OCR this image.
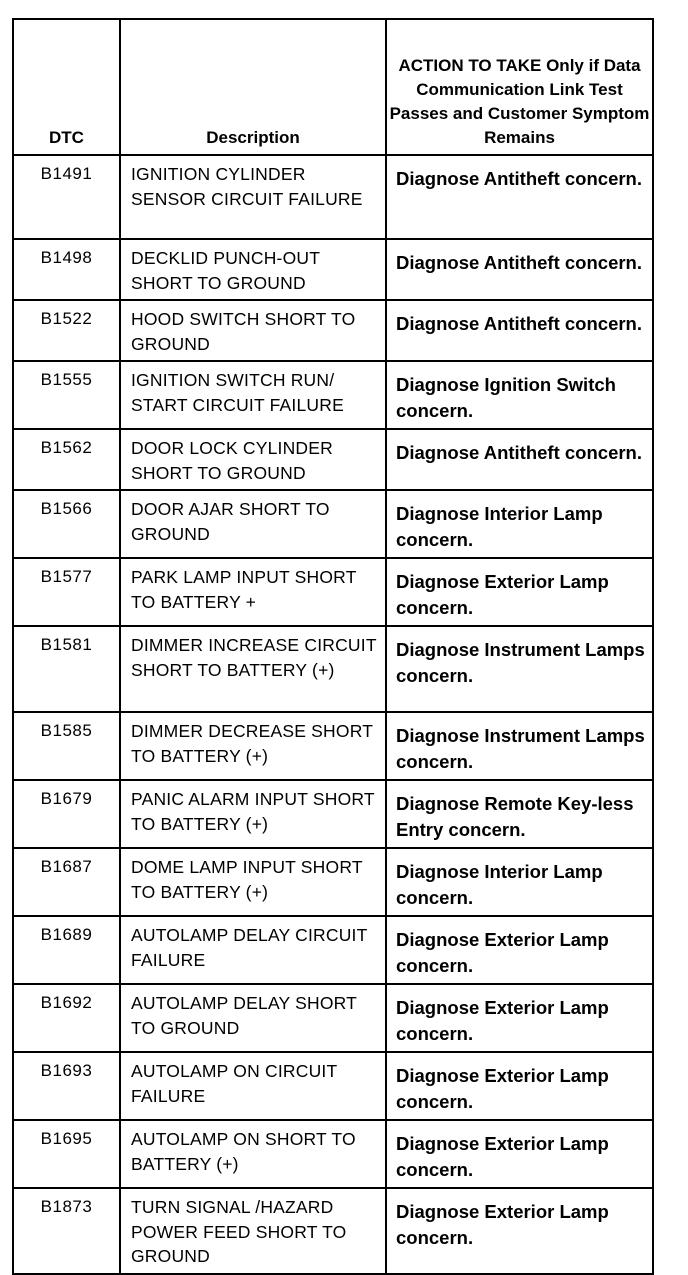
DTC	Description	ACTION TO TAKE Only if Data Communication Link Test Passes and Customer Symptom Remains
B1491	IGNITION CYLINDER SENSOR CIRCUIT FAILURE	Diagnose Antitheft concern.
B1498	DECKLID PUNCH-OUT SHORT TO GROUND	Diagnose Antitheft concern.
B1522	HOOD SWITCH SHORT TO GROUND	Diagnose Antitheft concern.
B1555	IGNITION SWITCH RUN/ START CIRCUIT FAILURE	Diagnose Ignition Switch concern.
B1562	DOOR LOCK CYLINDER SHORT TO GROUND	Diagnose Antitheft concern.
B1566	DOOR AJAR SHORT TO GROUND	Diagnose Interior Lamp concern.
B1577	PARK LAMP INPUT SHORT TO BATTERY +	Diagnose Exterior Lamp concern.
B1581	DIMMER INCREASE CIRCUIT SHORT TO BATTERY (+)	Diagnose Instrument Lamps concern.
B1585	DIMMER DECREASE SHORT TO BATTERY (+)	Diagnose Instrument Lamps concern.
B1679	PANIC ALARM INPUT SHORT TO BATTERY (+)	Diagnose Remote Key-less Entry concern.
B1687	DOME LAMP INPUT SHORT TO BATTERY (+)	Diagnose Interior Lamp concern.
B1689	AUTOLAMP DELAY CIRCUIT FAILURE	Diagnose Exterior Lamp concern.
B1692	AUTOLAMP DELAY SHORT TO GROUND	Diagnose Exterior Lamp concern.
B1693	AUTOLAMP ON CIRCUIT FAILURE	Diagnose Exterior Lamp concern.
B1695	AUTOLAMP ON SHORT TO BATTERY (+)	Diagnose Exterior Lamp concern.
B1873	TURN SIGNAL /HAZARD POWER FEED SHORT TO GROUND	Diagnose Exterior Lamp concern.
